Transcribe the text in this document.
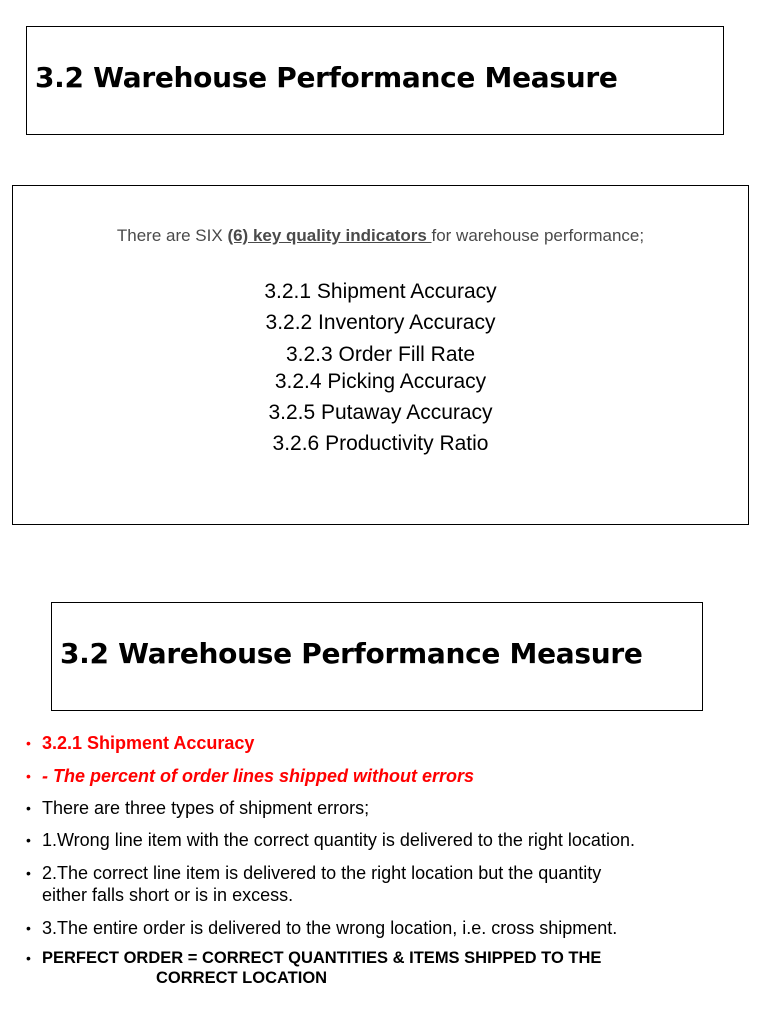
3.2 Warehouse Performance Measure
There are SIX (6) key quality indicators for warehouse performance;
3.2.1 Shipment Accuracy
3.2.2 Inventory Accuracy
3.2.3 Order Fill Rate
3.2.4 Picking Accuracy
3.2.5 Putaway Accuracy
3.2.6 Productivity Ratio
3.2 Warehouse Performance Measure
• 3.2.1 Shipment Accuracy
• - The percent of order lines shipped without errors
• There are three types of shipment errors;
• 1.Wrong line item with the correct quantity is delivered to the right location.
• 2.The correct line item is delivered to the right location but the quantity
either falls short or is in excess.
• 3.The entire order is delivered to the wrong location, i.e. cross shipment.
• PERFECT ORDER = CORRECT QUANTITIES & ITEMS SHIPPED TO THE
CORRECT LOCATION
